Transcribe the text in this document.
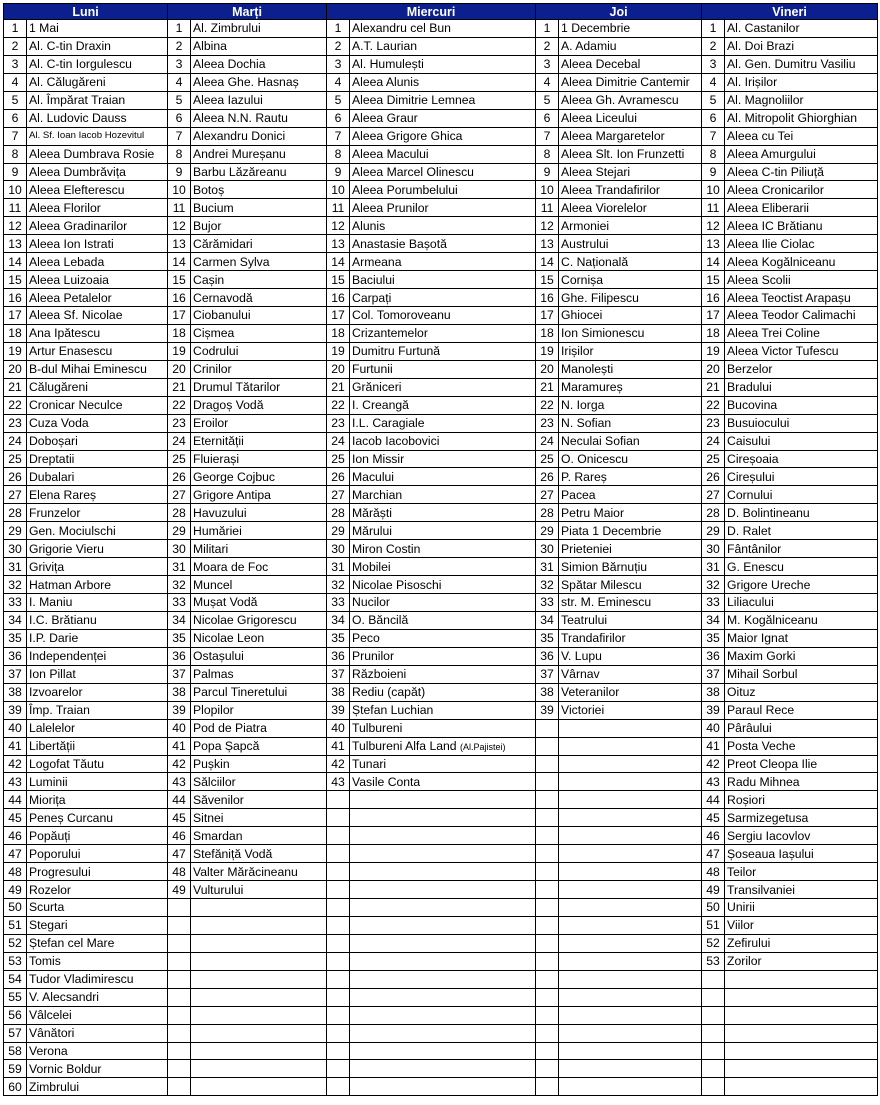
Luni		Marți		Miercuri		Joi		Vineri	
1	1 Mai	1	Al. Zimbrului	1	Alexandru cel Bun	1	1 Decembrie	1	Al. Castanilor
2	Al. C-tin Draxin	2	Albina	2	A.T. Laurian	2	A. Adamiu	2	Al. Doi Brazi
3	Al. C-tin Iorgulescu	3	Aleea Dochia	3	Al. Humulești	3	Aleea Decebal	3	Al. Gen. Dumitru Vasiliu
4	Al. Călugăreni	4	Aleea Ghe. Hasnaș	4	Aleea Alunis	4	Aleea Dimitrie Cantemir	4	Al. Irișilor
5	Al. Împărat Traian	5	Aleea Iazului	5	Aleea Dimitrie Lemnea	5	Aleea Gh. Avramescu	5	Al. Magnoliilor
6	Al. Ludovic Dauss	6	Aleea N.N. Rautu	6	Aleea Graur	6	Aleea Liceului	6	Al. Mitropolit Ghiorghian
7	Al. Sf. Ioan Iacob Hozevitul	7	Alexandru Donici	7	Aleea Grigore Ghica	7	Aleea Margaretelor	7	Aleea cu Tei
8	Aleea Dumbrava Rosie	8	Andrei Mureșanu	8	Aleea Macului	8	Aleea Slt. Ion Frunzetti	8	Aleea Amurgului
9	Aleea Dumbrăvița	9	Barbu Lăzăreanu	9	Aleea Marcel Olinescu	9	Aleea Stejari	9	Aleea C-tin Piliuță
10	Aleea Elefterescu	10	Botoș	10	Aleea Porumbelului	10	Aleea Trandafirilor	10	Aleea Cronicarilor
11	Aleea Florilor	11	Bucium	11	Aleea Prunilor	11	Aleea Viorelelor	11	Aleea Eliberarii
12	Aleea Gradinarilor	12	Bujor	12	Alunis	12	Armoniei	12	Aleea IC Brătianu
13	Aleea Ion Istrati	13	Cărămidari	13	Anastasie Bașotă	13	Austrului	13	Aleea Ilie Ciolac
14	Aleea Lebada	14	Carmen Sylva	14	Armeana	14	C. Națională	14	Aleea Kogălniceanu
15	Aleea Luizoaia	15	Cașin	15	Baciului	15	Cornișa	15	Aleea Scolii
16	Aleea Petalelor	16	Cernavodă	16	Carpați	16	Ghe. Filipescu	16	Aleea Teoctist Arapașu
17	Aleea Sf. Nicolae	17	Ciobanului	17	Col. Tomoroveanu	17	Ghiocei	17	Aleea Teodor Calimachi
18	Ana Ipătescu	18	Cișmea	18	Crizantemelor	18	Ion Simionescu	18	Aleea Trei Coline
19	Artur Enasescu	19	Codrului	19	Dumitru Furtună	19	Irișilor	19	Aleea Victor Tufescu
20	B-dul Mihai Eminescu	20	Crinilor	20	Furtunii	20	Manolești	20	Berzelor
21	Călugăreni	21	Drumul Tătarilor	21	Grăniceri	21	Maramureș	21	Bradului
22	Cronicar Neculce	22	Dragoș Vodă	22	I. Creangă	22	N. Iorga	22	Bucovina
23	Cuza Voda	23	Eroilor	23	I.L. Caragiale	23	N. Sofian	23	Busuiocului
24	Doboșari	24	Eternității	24	Iacob Iacobovici	24	Neculai Sofian	24	Caisului
25	Dreptatii	25	Fluierași	25	Ion Missir	25	O. Onicescu	25	Cireșoaia
26	Dubalari	26	George Cojbuc	26	Macului	26	P. Rareș	26	Cireșului
27	Elena Rareș	27	Grigore Antipa	27	Marchian	27	Pacea	27	Cornului
28	Frunzelor	28	Havuzului	28	Mărăști	28	Petru Maior	28	D. Bolintineanu
29	Gen. Mociulschi	29	Humăriei	29	Mărului	29	Piata 1 Decembrie	29	D. Ralet
30	Grigorie Vieru	30	Militari	30	Miron Costin	30	Prieteniei	30	Fântânilor
31	Grivița	31	Moara de Foc	31	Mobilei	31	Simion Bărnuțiu	31	G. Enescu
32	Hatman Arbore	32	Muncel	32	Nicolae Pisoschi	32	Spătar Milescu	32	Grigore Ureche
33	I. Maniu	33	Mușat Vodă	33	Nucilor	33	str. M. Eminescu	33	Liliacului
34	I.C. Brătianu	34	Nicolae Grigorescu	34	O. Băncilă	34	Teatrului	34	M. Kogălniceanu
35	I.P. Darie	35	Nicolae Leon	35	Peco	35	Trandafirilor	35	Maior Ignat
36	Independenței	36	Ostașului	36	Prunilor	36	V. Lupu	36	Maxim Gorki
37	Ion Pillat	37	Palmas	37	Războieni	37	Vârnav	37	Mihail Sorbul
38	Izvoarelor	38	Parcul Tineretului	38	Rediu (capăt)	38	Veteranilor	38	Oituz
39	Împ. Traian	39	Plopilor	39	Ștefan Luchian	39	Victoriei	39	Paraul Rece
40	Lalelelor	40	Pod de Piatra	40	Tulbureni			40	Pârâului
41	Libertății	41	Popa Șapcă	41	Tulbureni Alfa Land (Al.Pajistei)			41	Posta Veche
42	Logofat Tăutu	42	Pușkin	42	Tunari			42	Preot Cleopa Ilie
43	Luminii	43	Sălciilor	43	Vasile Conta			43	Radu Mihnea
44	Miorița	44	Săvenilor					44	Roșiori
45	Peneș Curcanu	45	Sitnei					45	Sarmizegetusa
46	Popăuți	46	Smardan					46	Sergiu Iacovlov
47	Poporului	47	Stefăniță Vodă					47	Șoseaua Iașului
48	Progresului	48	Valter Mărăcineanu					48	Teilor
49	Rozelor	49	Vulturului					49	Transilvaniei
50	Scurta							50	Unirii
51	Stegari							51	Viilor
52	Ștefan cel Mare							52	Zefirului
53	Tomis							53	Zorilor
54	Tudor Vladimirescu								
55	V. Alecsandri								
56	Vâlcelei								
57	Vânători								
58	Verona								
59	Vornic Boldur								
60	Zimbrului								
